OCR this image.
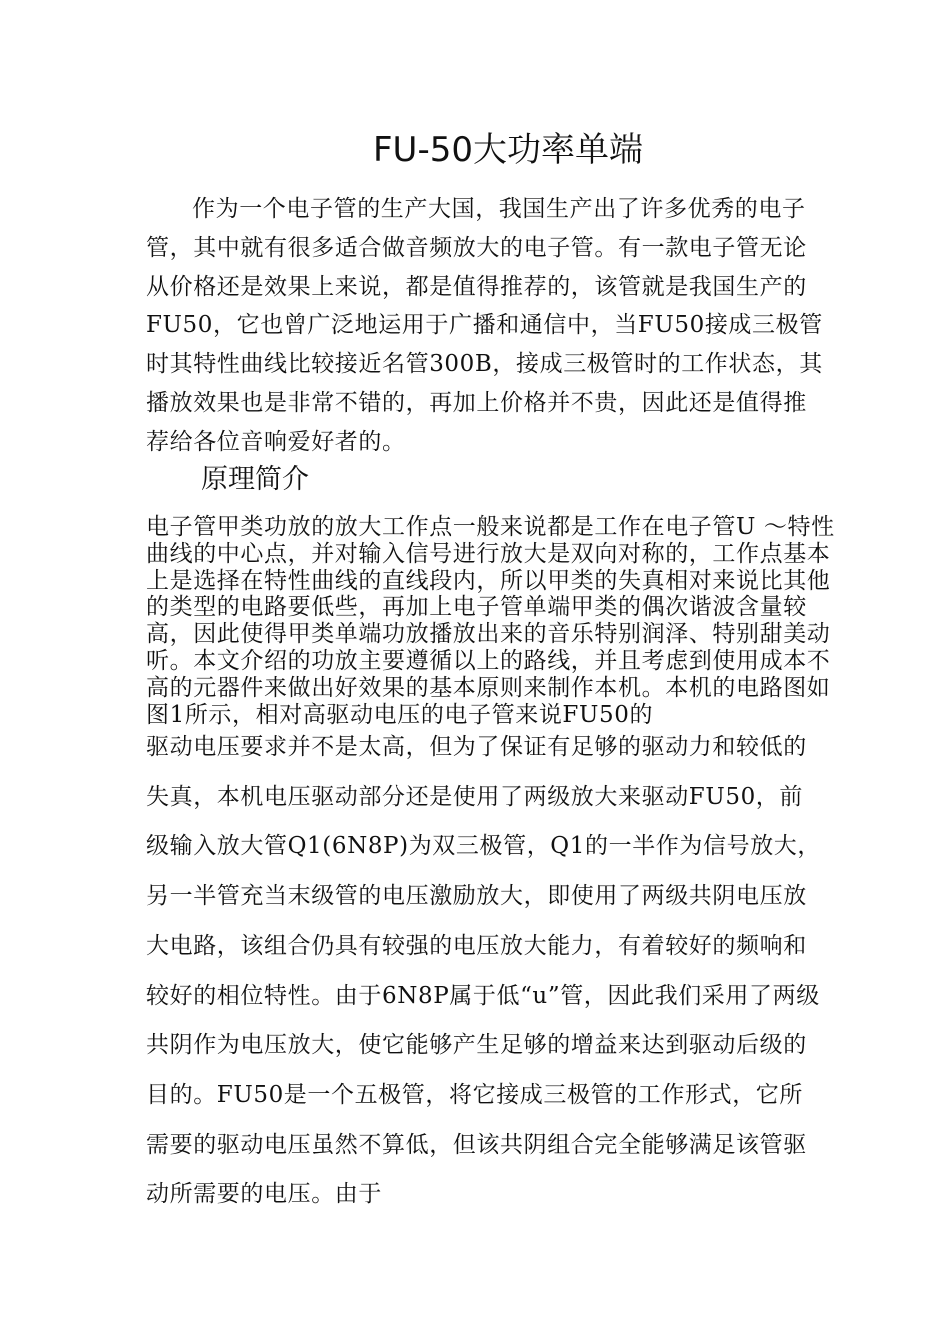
FU-50大功率单端

作为一个电子管的生产大国，我国生产出了许多优秀的电子管，其中就有很多适合做音频放大的电子管。有一款电子管无论从价格还是效果上来说，都是值得推荐的，该管就是我国生产的FU50，它也曾广泛地运用于广播和通信中，当FU50接成三极管时其特性曲线比较接近名管300B，接成三极管时的工作状态，其播放效果也是非常不错的，再加上价格并不贵，因此还是值得推荐给各位音响爱好者的。

原理简介

电子管甲类功放的放大工作点一般来说都是工作在电子管U ～特性曲线的中心点，并对输入信号进行放大是双向对称的，工作点基本上是选择在特性曲线的直线段内，所以甲类的失真相对来说比其他的类型的电路要低些，再加上电子管单端甲类的偶次谐波含量较高，因此使得甲类单端功放播放出来的音乐特别润泽、特别甜美动听。本文介绍的功放主要遵循以上的路线，并且考虑到使用成本不高的元器件来做出好效果的基本原则来制作本机。本机的电路图如图1所示，相对高驱动电压的电子管来说FU50的

驱动电压要求并不是太高，但为了保证有足够的驱动力和较低的失真，本机电压驱动部分还是使用了两级放大来驱动FU50，前级输入放大管Q1(6N8P)为双三极管，Q1的一半作为信号放大，另一半管充当末级管的电压激励放大，即使用了两级共阴电压放大电路，该组合仍具有较强的电压放大能力，有着较好的频响和较好的相位特性。由于6N8P属于低“u”管，因此我们采用了两级共阴作为电压放大，使它能够产生足够的增益来达到驱动后级的目的。FU50是一个五极管，将它接成三极管的工作形式，它所需要的驱动电压虽然不算低，但该共阴组合完全能够满足该管驱动所需要的电压。由于
